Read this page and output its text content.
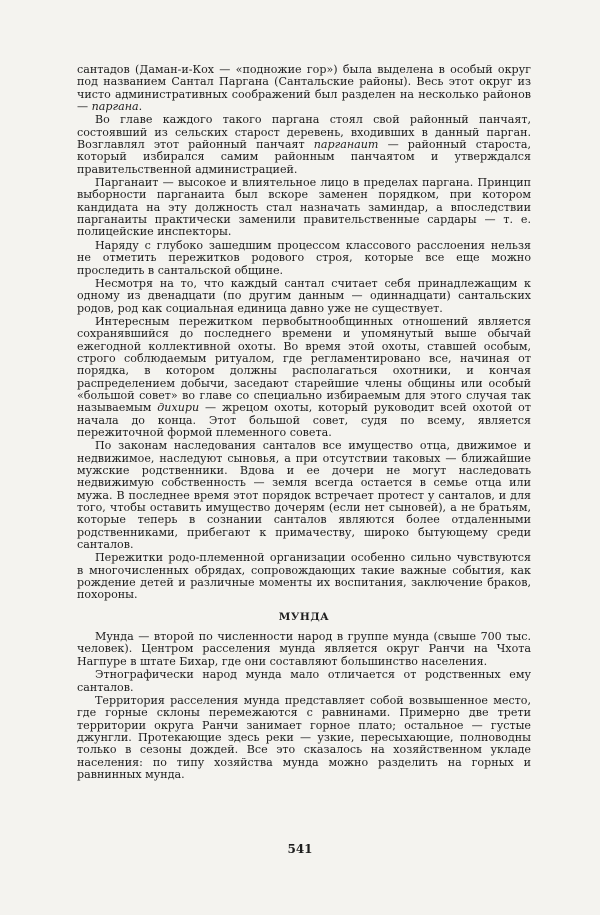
сантадов (Даман-и-Кох — «подножие гор») была выделена в особый округ под названием Сантал Паргана (Сантальские районы). Весь этот округ из чисто административных соображений был разделен на несколько районов — паргана.

Во главе каждого такого паргана стоял свой районный панчаят, состоявший из сельских старост деревень, входивших в данный парган. Возглавлял этот районный панчаят парганаит — районный староста, который избирался самим районным панчаятом и утверждался правительственной администрацией.

Парганаит — высокое и влиятельное лицо в пределах паргана. Принцип выборности парганаита был вскоре заменен порядком, при котором кандидата на эту должность стал назначать заминдар, а впоследствии парганаиты практически заменили правительственные сардары — т. е. полицейские инспекторы.

Наряду с глубоко зашедшим процессом классового расслоения нельзя не отметить пережитков родового строя, которые все еще можно проследить в сантальской общине.

Несмотря на то, что каждый сантал считает себя принадлежащим к одному из двенадцати (по другим данным — одиннадцати) сантальских родов, род как социальная единица давно уже не существует.

Интересным пережитком первобытнообщинных отношений является сохранявшийся до последнего времени и упомянутый выше обычай ежегодной коллективной охоты. Во время этой охоты, ставшей особым, строго соблюдаемым ритуалом, где регламентировано все, начиная от порядка, в котором должны располагаться охотники, и кончая распределением добычи, заседают старейшие члены общины или особый «большой совет» во главе со специально избираемым для этого случая так называемым дихири — жрецом охоты, который руководит всей охотой от начала до конца. Этот большой совет, судя по всему, является пережиточной формой племенного совета.

По законам наследования санталов все имущество отца, движимое и недвижимое, наследуют сыновья, а при отсутствии таковых — ближайшие мужские родственники. Вдова и ее дочери не могут наследовать недвижимую собственность — земля всегда остается в семье отца или мужа. В последнее время этот порядок встречает протест у санталов, и для того, чтобы оставить имущество дочерям (если нет сыновей), а не братьям, которые теперь в сознании санталов являются более отдаленными родственниками, прибегают к примачеству, широко бытующему среди санталов.

Пережитки родо-племенной организации особенно сильно чувствуются в многочисленных обрядах, сопровождающих такие важные события, как рождение детей и различные моменты их воспитания, заключение браков, похороны.

МУНДА

Мунда — второй по численности народ в группе мунда (свыше 700 тыс. человек). Центром расселения мунда является округ Ранчи на Чхота Нагпуре в штате Бихар, где они составляют большинство населения.

Этнографически народ мунда мало отличается от родственных ему санталов.

Территория расселения мунда представляет собой возвышенное место, где горные склоны перемежаются с равнинами. Примерно две трети территории округа Ранчи занимает горное плато; остальное — густые джунгли. Протекающие здесь реки — узкие, пересыхающие, полноводны только в сезоны дождей. Все это сказалось на хозяйственном укладе населения: по типу хозяйства мунда можно разделить на горных и равнинных мунда.

541
